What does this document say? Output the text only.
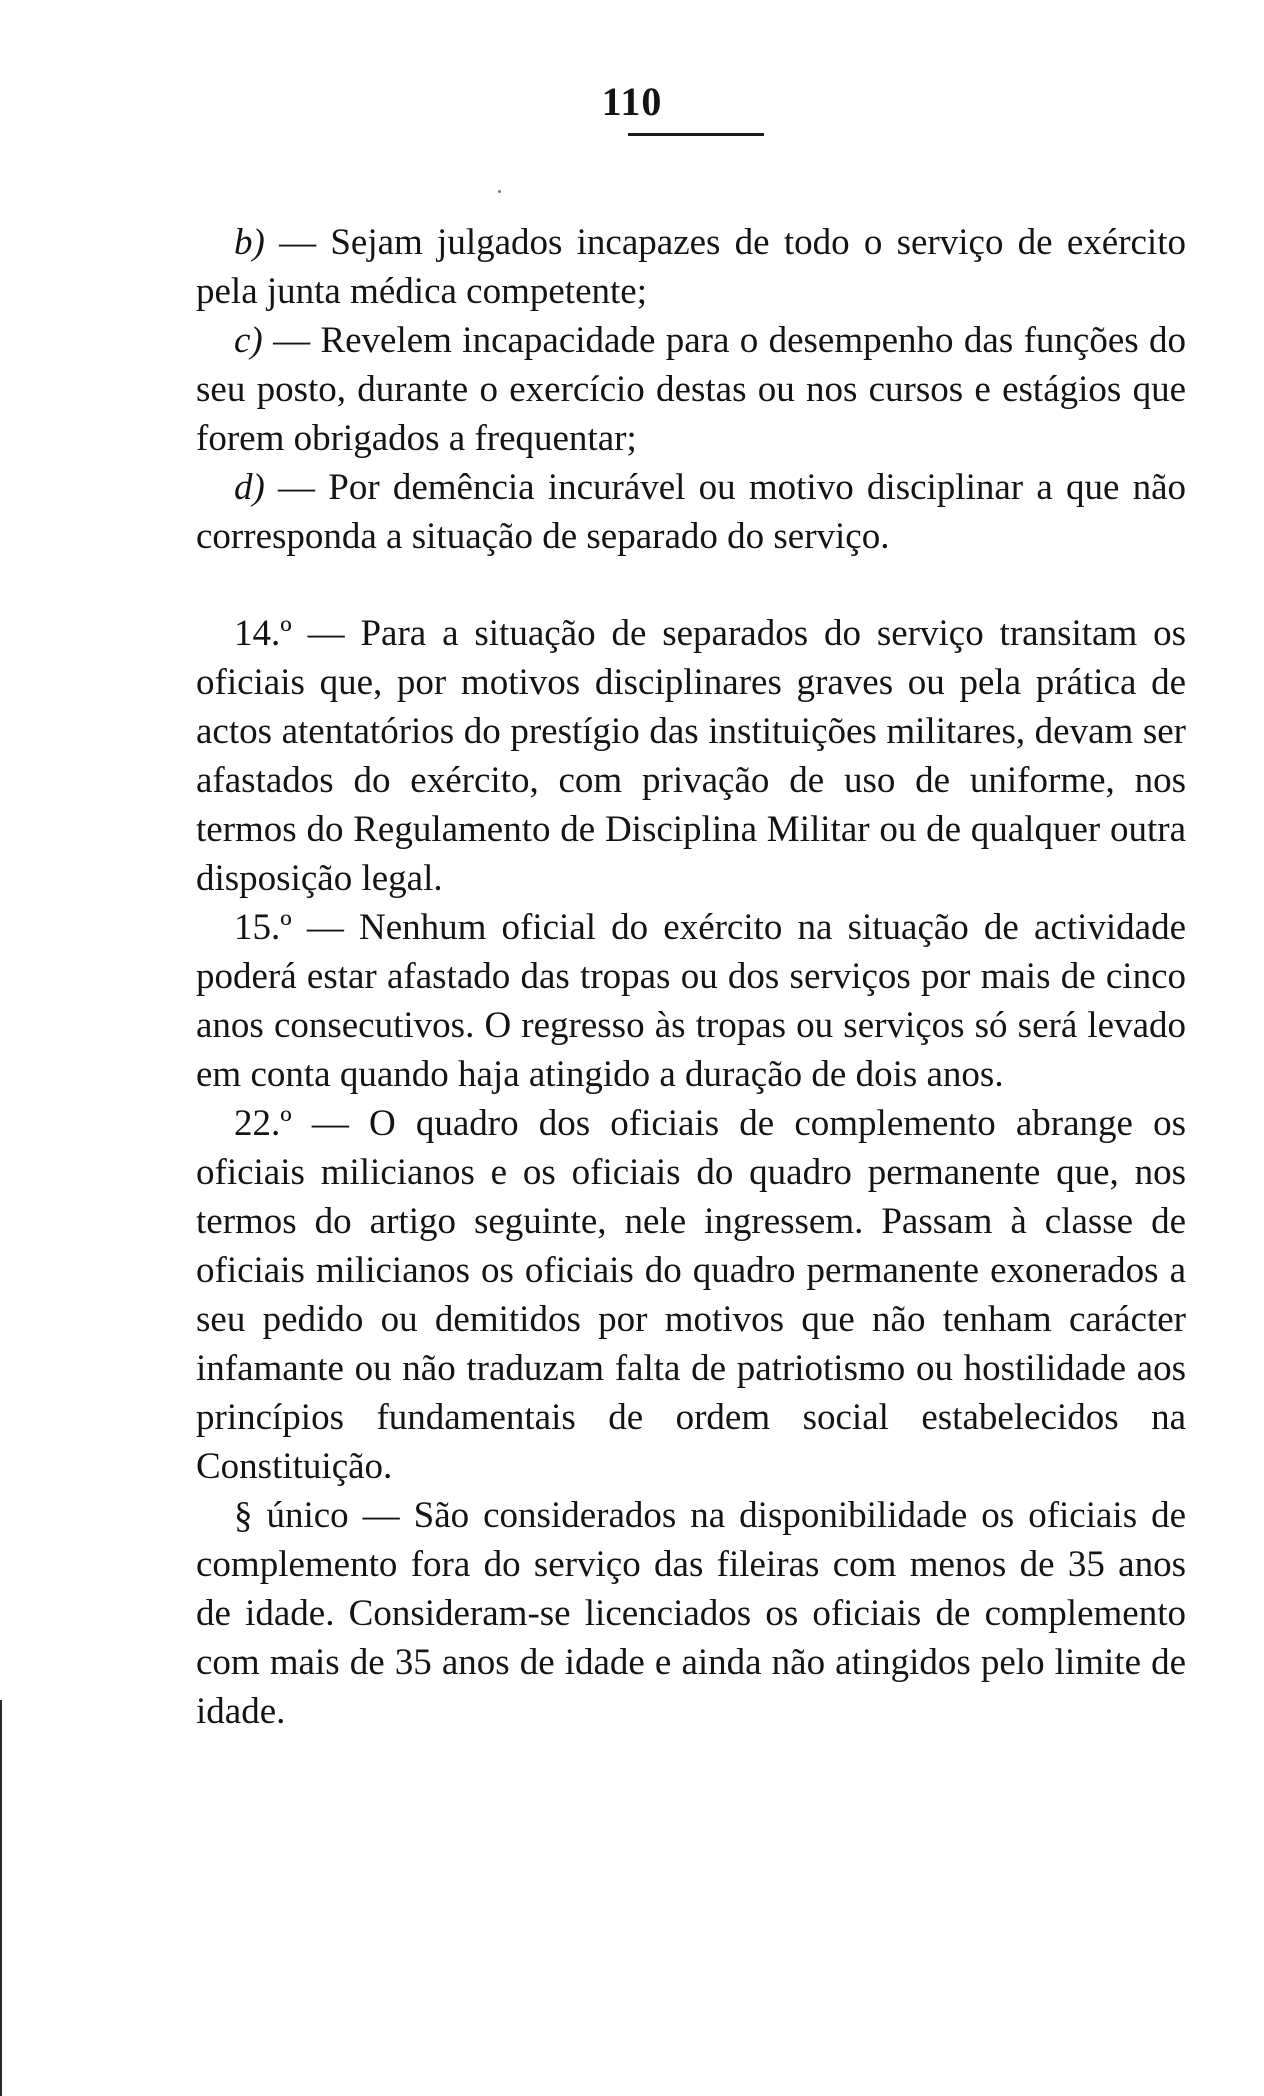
110

b) — Sejam julgados incapazes de todo o serviço de exército pela junta médica competente;

c) — Revelem incapacidade para o desempenho das funções do seu posto, durante o exercício destas ou nos cursos e estágios que forem obrigados a frequentar;

d) — Por demência incurável ou motivo disciplinar a que não corresponda a situação de separado do serviço.

14.º — Para a situação de separados do serviço transitam os oficiais que, por motivos disciplinares graves ou pela prática de actos atentatórios do prestígio das instituições militares, devam ser afastados do exército, com privação de uso de uniforme, nos termos do Regulamento de Disciplina Militar ou de qualquer outra disposição legal.

15.º — Nenhum oficial do exército na situação de actividade poderá estar afastado das tropas ou dos serviços por mais de cinco anos consecutivos. O regresso às tropas ou serviços só será levado em conta quando haja atingido a duração de dois anos.

22.º — O quadro dos oficiais de complemento abrange os oficiais milicianos e os oficiais do quadro permanente que, nos termos do artigo seguinte, nele ingressem. Passam à classe de oficiais milicianos os oficiais do quadro permanente exonerados a seu pedido ou demitidos por motivos que não tenham carácter infamante ou não traduzam falta de patriotismo ou hostilidade aos princípios fundamentais de ordem social estabelecidos na Constituição.

§ único — São considerados na disponibilidade os oficiais de complemento fora do serviço das fileiras com menos de 35 anos de idade. Consideram-se licenciados os oficiais de complemento com mais de 35 anos de idade e ainda não atingidos pelo limite de idade.
